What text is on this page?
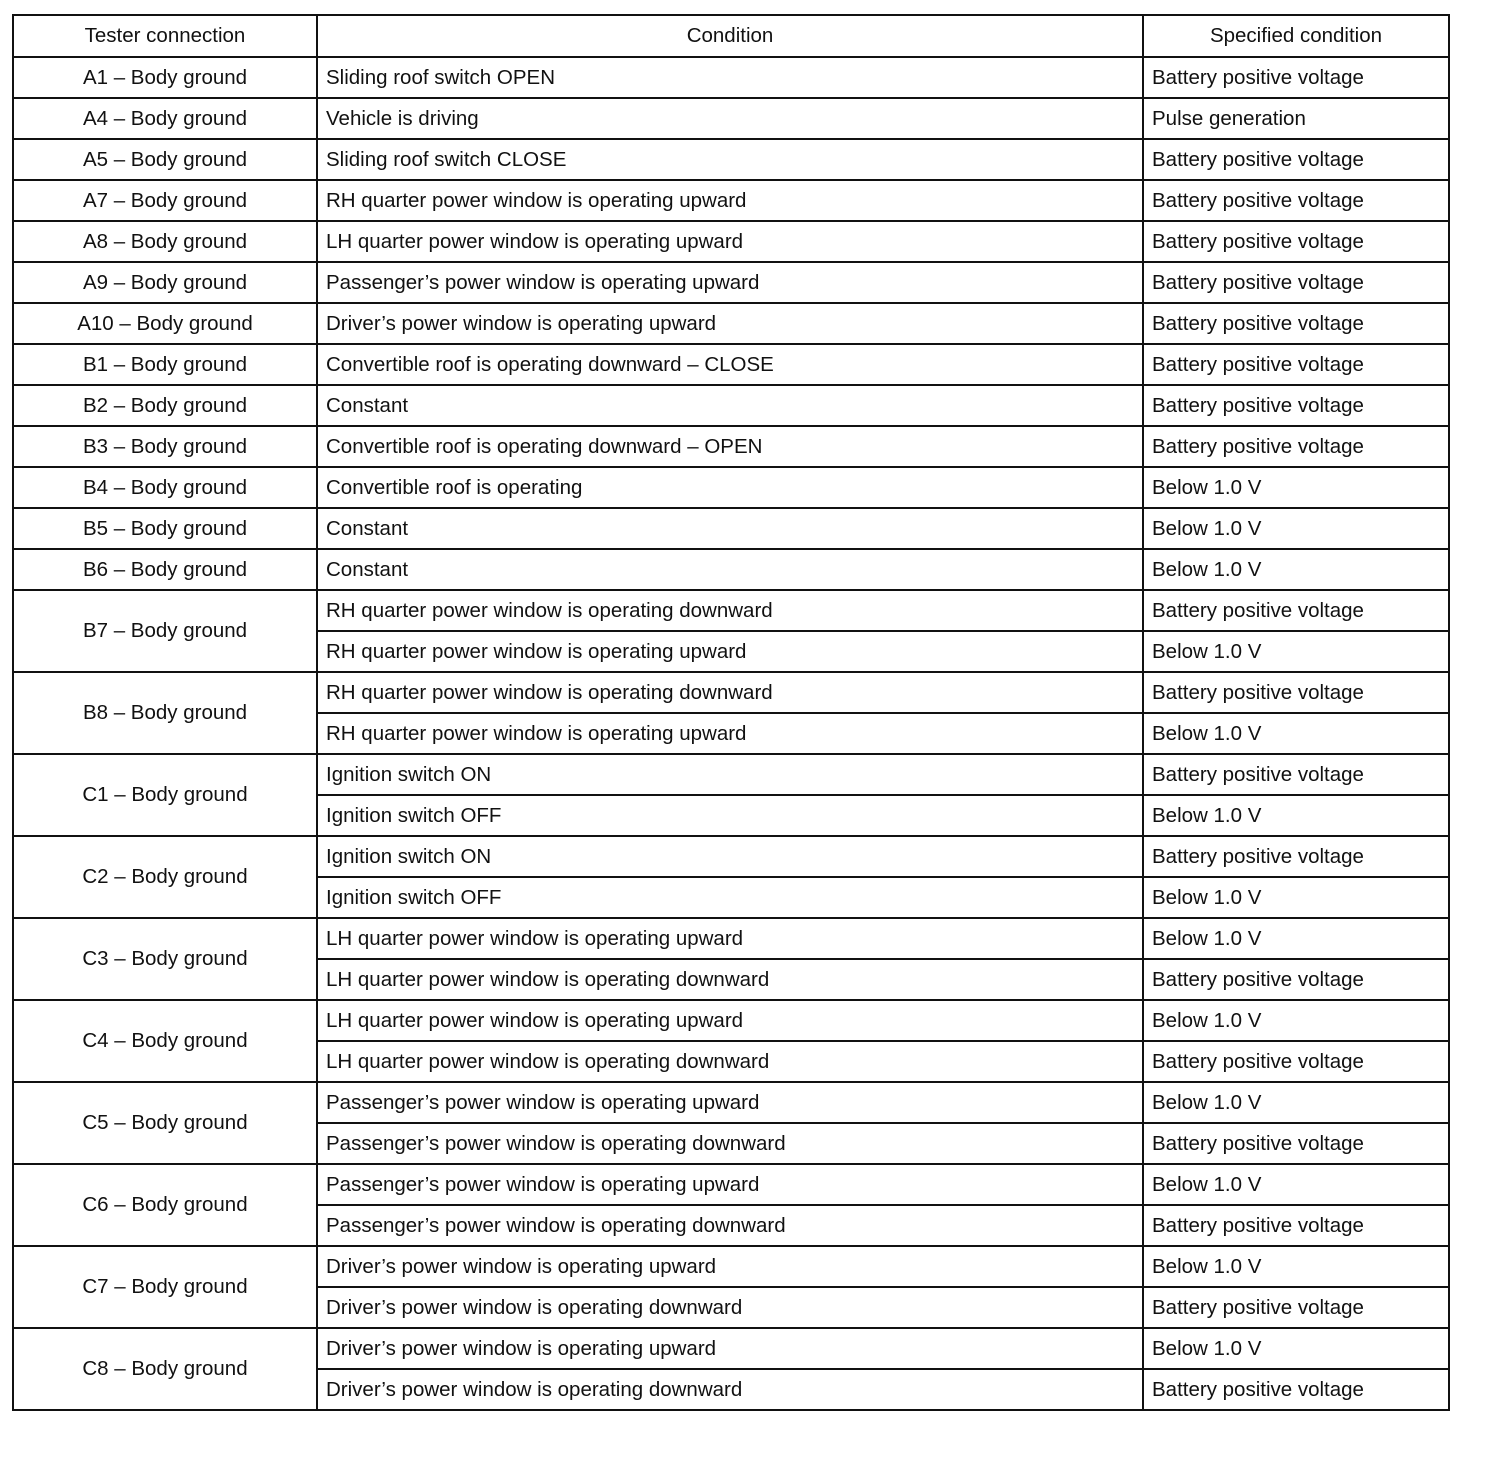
Tester connection	Condition	Specified condition
A1 – Body ground	Sliding roof switch OPEN	Battery positive voltage
A4 – Body ground	Vehicle is driving	Pulse generation
A5 – Body ground	Sliding roof switch CLOSE	Battery positive voltage
A7 – Body ground	RH quarter power window is operating upward	Battery positive voltage
A8 – Body ground	LH quarter power window is operating upward	Battery positive voltage
A9 – Body ground	Passenger’s power window is operating upward	Battery positive voltage
A10 – Body ground	Driver’s power window is operating upward	Battery positive voltage
B1 – Body ground	Convertible roof is operating downward – CLOSE	Battery positive voltage
B2 – Body ground	Constant	Battery positive voltage
B3 – Body ground	Convertible roof is operating downward – OPEN	Battery positive voltage
B4 – Body ground	Convertible roof is operating	Below 1.0 V
B5 – Body ground	Constant	Below 1.0 V
B6 – Body ground	Constant	Below 1.0 V
B7 – Body ground	RH quarter power window is operating downward	Battery positive voltage
	RH quarter power window is operating upward	Below 1.0 V
B8 – Body ground	RH quarter power window is operating downward	Battery positive voltage
	RH quarter power window is operating upward	Below 1.0 V
C1 – Body ground	Ignition switch ON	Battery positive voltage
	Ignition switch OFF	Below 1.0 V
C2 – Body ground	Ignition switch ON	Battery positive voltage
	Ignition switch OFF	Below 1.0 V
C3 – Body ground	LH quarter power window is operating upward	Below 1.0 V
	LH quarter power window is operating downward	Battery positive voltage
C4 – Body ground	LH quarter power window is operating upward	Below 1.0 V
	LH quarter power window is operating downward	Battery positive voltage
C5 – Body ground	Passenger’s power window is operating upward	Below 1.0 V
	Passenger’s power window is operating downward	Battery positive voltage
C6 – Body ground	Passenger’s power window is operating upward	Below 1.0 V
	Passenger’s power window is operating downward	Battery positive voltage
C7 – Body ground	Driver’s power window is operating upward	Below 1.0 V
	Driver’s power window is operating downward	Battery positive voltage
C8 – Body ground	Driver’s power window is operating upward	Below 1.0 V
	Driver’s power window is operating downward	Battery positive voltage
